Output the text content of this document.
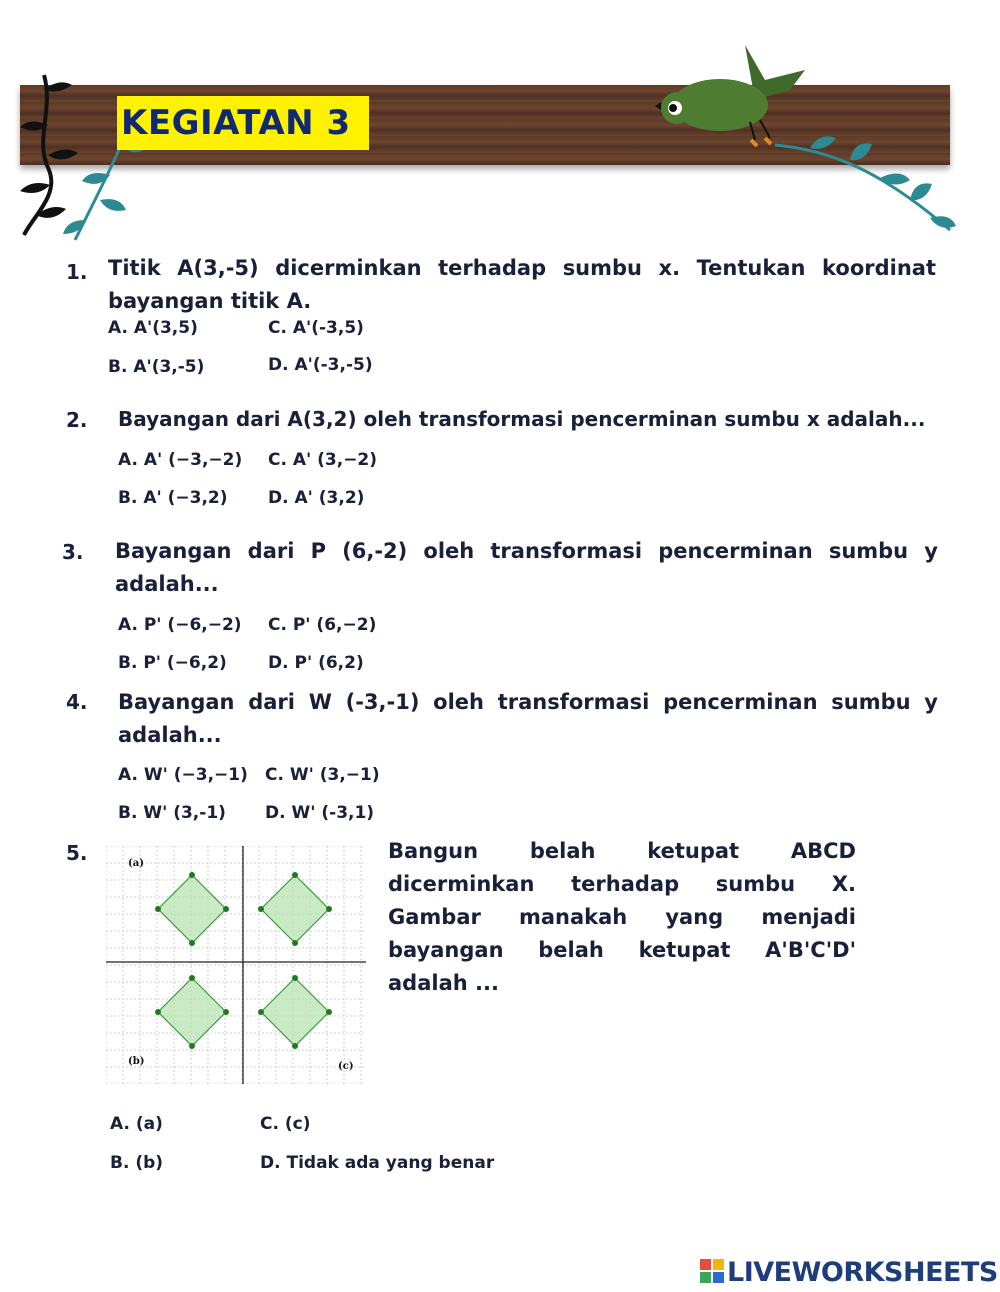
KEGIATAN 3
1. Titik A(3,-5) dicerminkan terhadap sumbu x. Tentukan koordinat bayangan titik A.
A. A'(3,5)	C. A'(-3,5)
B. A'(3,-5)	D. A'(-3,-5)
2. Bayangan dari A(3,2) oleh transformasi pencerminan sumbu x adalah...
A. A' (−3,−2) C. A' (3,−2)
B. A' (−3,2) D. A' (3,2)
3. Bayangan dari P (6,-2) oleh transformasi pencerminan sumbu y adalah...
A. P' (−6,−2) C. P' (6,−2)
B. P' (−6,2) D. P' (6,2)
4. Bayangan dari W (-3,-1) oleh transformasi pencerminan sumbu y adalah...
A. W' (−3,−1) C. W' (3,−1)
B. W' (3,-1) D. W' (-3,1)
5.	Bangun belah ketupat ABCD dicerminkan terhadap sumbu X. Gambar manakah yang menjadi bayangan belah ketupat A'B'C'D' adalah ...
(a)
(b)	(c)
A. (a)	C. (c)
B. (b)	D. Tidak ada yang benar
LIVEWORKSHEETS
